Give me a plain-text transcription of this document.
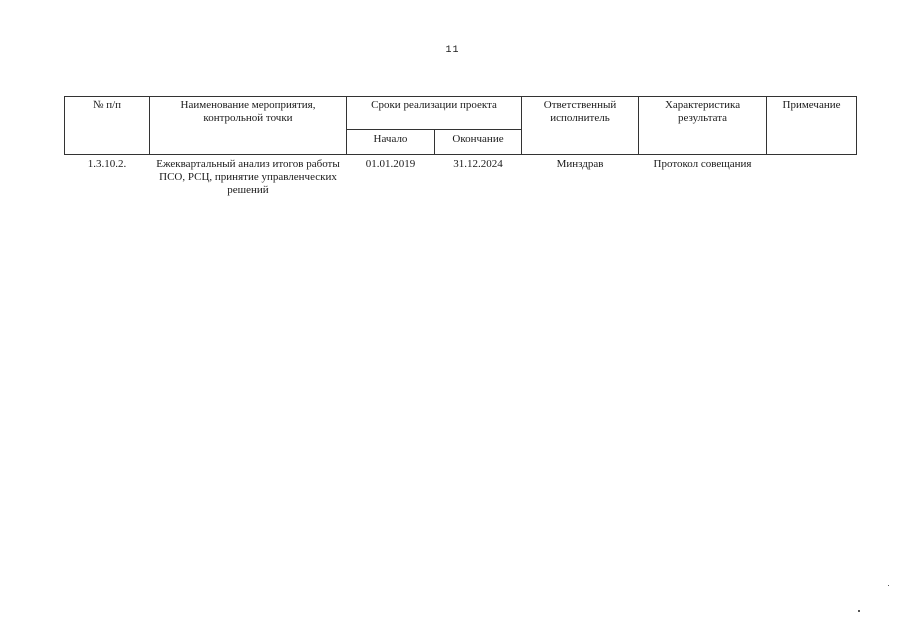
11
№ п/п	Наименование мероприятия, контрольной точки	Сроки реализации проекта		Ответственный исполнитель	Характеристика результата	Примечание
		Начало	Окончание			
1.3.10.2.	Ежеквартальный анализ итогов работы ПСО, РСЦ, принятие управленческих решений	01.01.2019	31.12.2024	Минздрав	Протокол совещания	
